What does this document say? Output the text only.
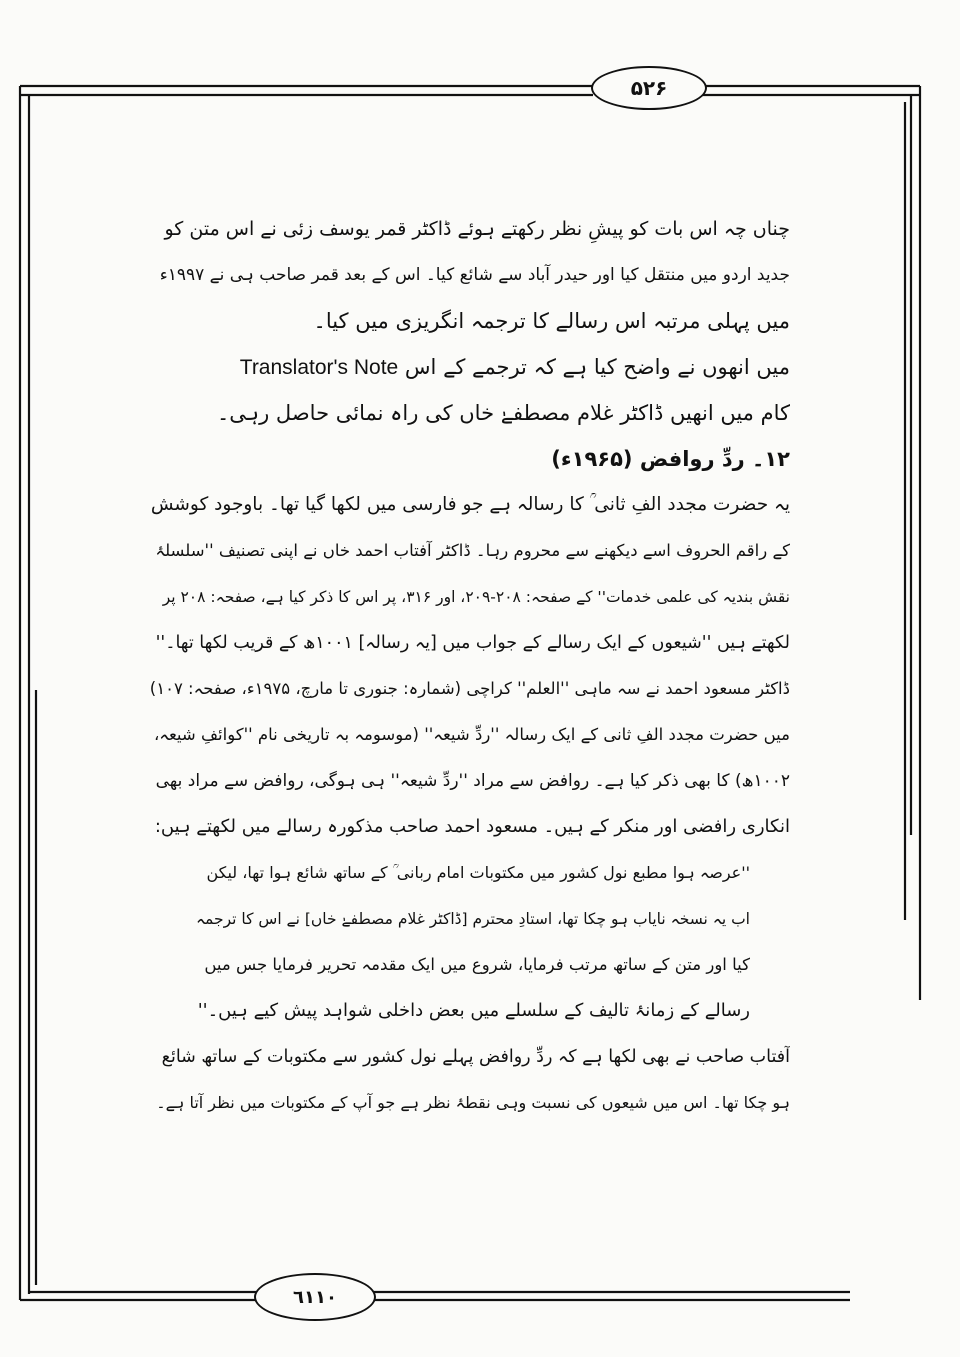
۵۲۶
چناں چہ اس بات کو پیشِ نظر رکھتے ہوئے ڈاکٹر قمر یوسف زئی نے اس متن کو
جدید اردو میں منتقل کیا اور حیدر آباد سے شائع کیا۔ اس کے بعد قمر صاحب ہی نے ۱۹۹۷ء
میں پہلی مرتبہ اس رسالے کا ترجمہ انگریزی میں کیا۔
میں انھوں نے واضح کیا ہے کہ ترجمے کے اس Translator's Note
کام میں انھیں ڈاکٹر غلام مصطفےٰ خاں کی راہ نمائی حاصل رہی۔
۱۲۔ ردِّ روافض (۱۹۶۵ء)
یہ حضرت مجدد الفِ ثانی ؒ کا رسالہ ہے جو فارسی میں لکھا گیا تھا۔ باوجود کوشش
کے راقم الحروف اسے دیکھنے سے محروم رہا۔ ڈاکٹر آفتاب احمد خاں نے اپنی تصنیف ''سلسلۂ
نقش بندیہ کی علمی خدمات'' کے صفحہ: ۲۰۸-۲۰۹، اور ۳۱۶، پر اس کا ذکر کیا ہے، صفحہ: ۲۰۸ پر
لکھتے ہیں ''شیعوں کے ایک رسالے کے جواب میں [یہ رسالہ] ۱۰۰۱ھ کے قریب لکھا تھا۔''
ڈاکٹر مسعود احمد نے سہ ماہی ''العلم'' کراچی (شمارہ: جنوری تا مارچ، ۱۹۷۵ء، صفحہ: ۱۰۷)
میں حضرت مجدد الفِ ثانی کے ایک رسالہ ''ردِّ شیعہ'' (موسومہ بہ تاریخی نام ''کوائفِ شیعہ،
۱۰۰۲ھ) کا بھی ذکر کیا ہے۔ روافض سے مراد ''ردِّ شیعہ'' ہی ہوگی، روافض سے مراد بھی
انکاری رافضی اور منکر کے ہیں۔ مسعود احمد صاحب مذکورہ رسالے میں لکھتے ہیں:
''عرصہ ہوا مطبع نول کشور میں مکتوبات امام ربانی ؒ کے ساتھ شائع ہوا تھا، لیکن
اب یہ نسخہ نایاب ہو چکا تھا، استادِ محترم [ڈاکٹر غلام مصطفےٰ خاں] نے اس کا ترجمہ
کیا اور متن کے ساتھ مرتب فرمایا، شروع میں ایک مقدمہ تحریر فرمایا جس میں
رسالے کے زمانۂ تالیف کے سلسلے میں بعض داخلی شواہد پیش کیے ہیں۔''
آفتاب صاحب نے بھی لکھا ہے کہ ردِّ روافض پہلے نول کشور سے مکتوبات کے ساتھ شائع
ہو چکا تھا۔ اس میں شیعوں کی نسبت وہی نقطۂ نظر ہے جو آپ کے مکتوبات میں نظر آتا ہے۔
٦١١٠
